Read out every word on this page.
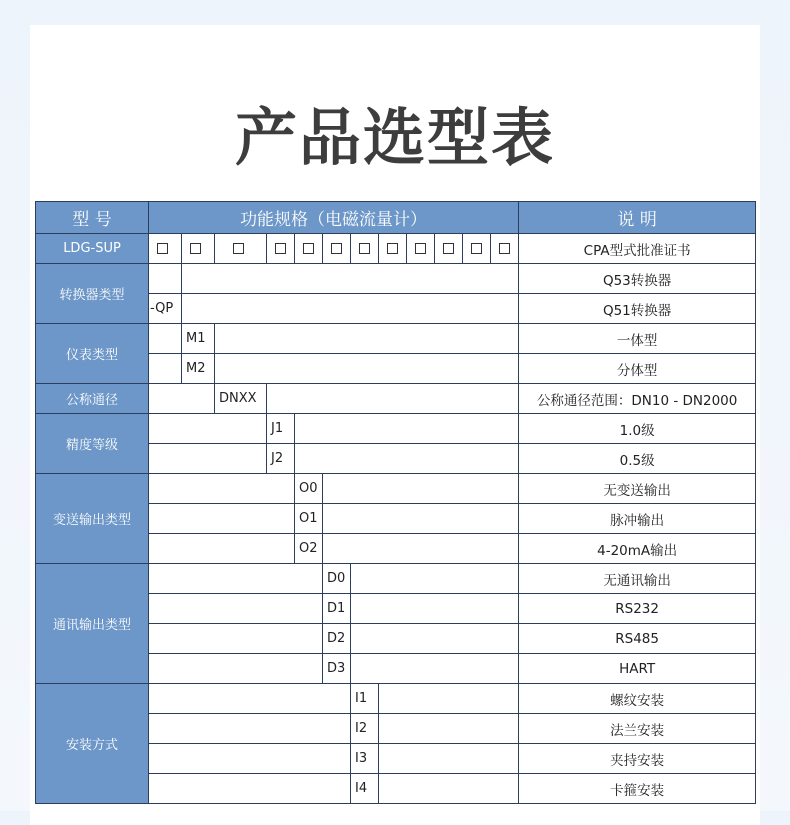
产品选型表
型 号	功能规格（电磁流量计）												说 明
LDG-SUP													CPA型式批准证书
转换器类型													Q53转换器
	-QP												Q51转换器
仪表类型		M1											一体型
		M2											分体型
公称通径			DNXX										公称通径范围：DN10 - DN2000
精度等级				J1									1.0级
				J2									0.5级
变送输出类型					O0								无变送输出
					O1								脉冲输出
					O2								4-20mA输出
通讯输出类型						D0							无通讯输出
						D1							RS232
						D2							RS485
						D3							HART
安装方式							I1						螺纹安装
							I2						法兰安装
							I3						夹持安装
							I4						卡箍安装
